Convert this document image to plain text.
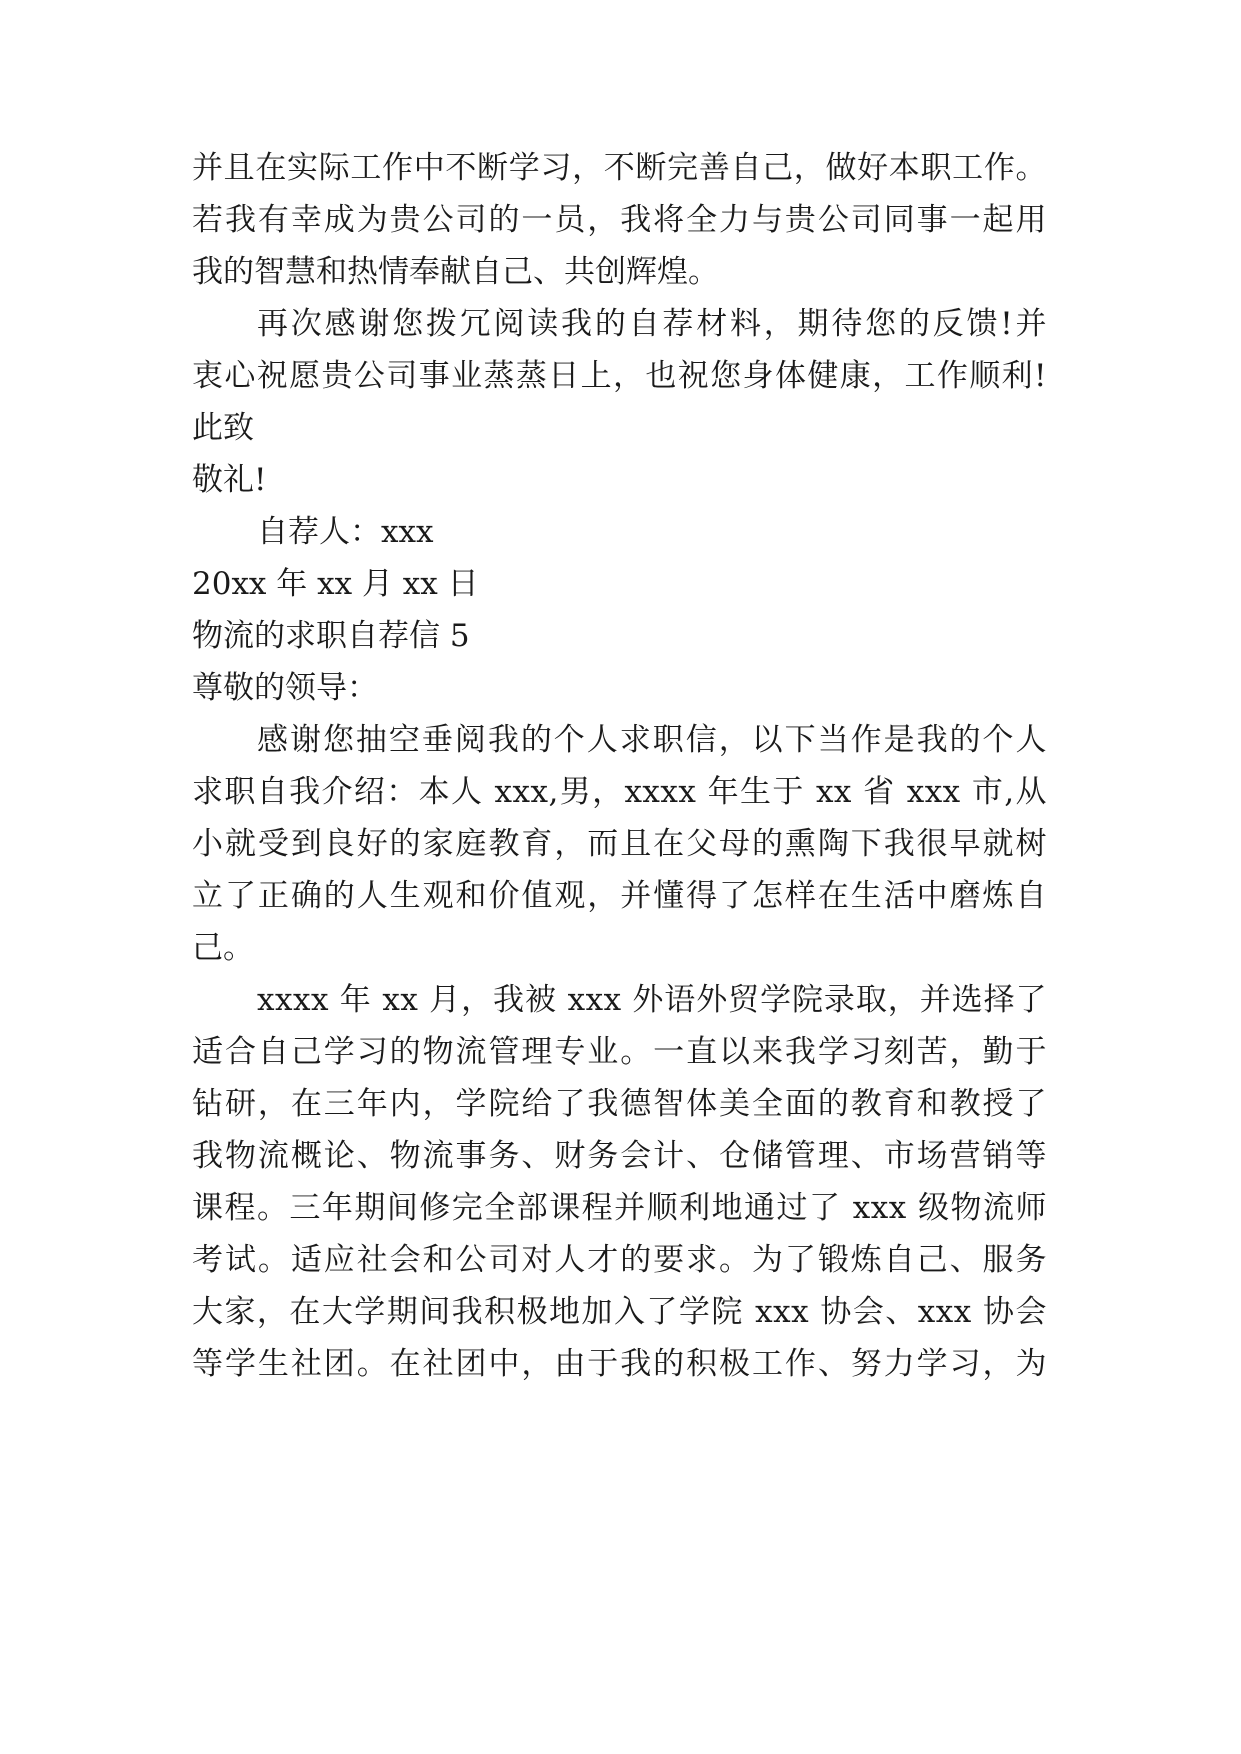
并且在实际工作中不断学习，不断完善自己，做好本职工作。
若我有幸成为贵公司的一员，我将全力与贵公司同事一起用
我的智慧和热情奉献自己、共创辉煌。
再次感谢您拨冗阅读我的自荐材料，期待您的反馈!并
衷心祝愿贵公司事业蒸蒸日上，也祝您身体健康，工作顺利!
此致
敬礼!
自荐人：xxx
20xx 年 xx 月 xx 日
物流的求职自荐信 5
尊敬的领导：
感谢您抽空垂阅我的个人求职信，以下当作是我的个人
求职自我介绍：本人 xxx,男，xxxx 年生于 xx 省 xxx 市,从
小就受到良好的家庭教育，而且在父母的熏陶下我很早就树
立了正确的人生观和价值观，并懂得了怎样在生活中磨炼自
己。
xxxx 年 xx 月，我被 xxx 外语外贸学院录取，并选择了
适合自己学习的物流管理专业。一直以来我学习刻苦，勤于
钻研，在三年内，学院给了我德智体美全面的教育和教授了
我物流概论、物流事务、财务会计、仓储管理、市场营销等
课程。三年期间修完全部课程并顺利地通过了 xxx 级物流师
考试。适应社会和公司对人才的要求。为了锻炼自己、服务
大家，在大学期间我积极地加入了学院 xxx 协会、xxx 协会
等学生社团。在社团中，由于我的积极工作、努力学习，为
